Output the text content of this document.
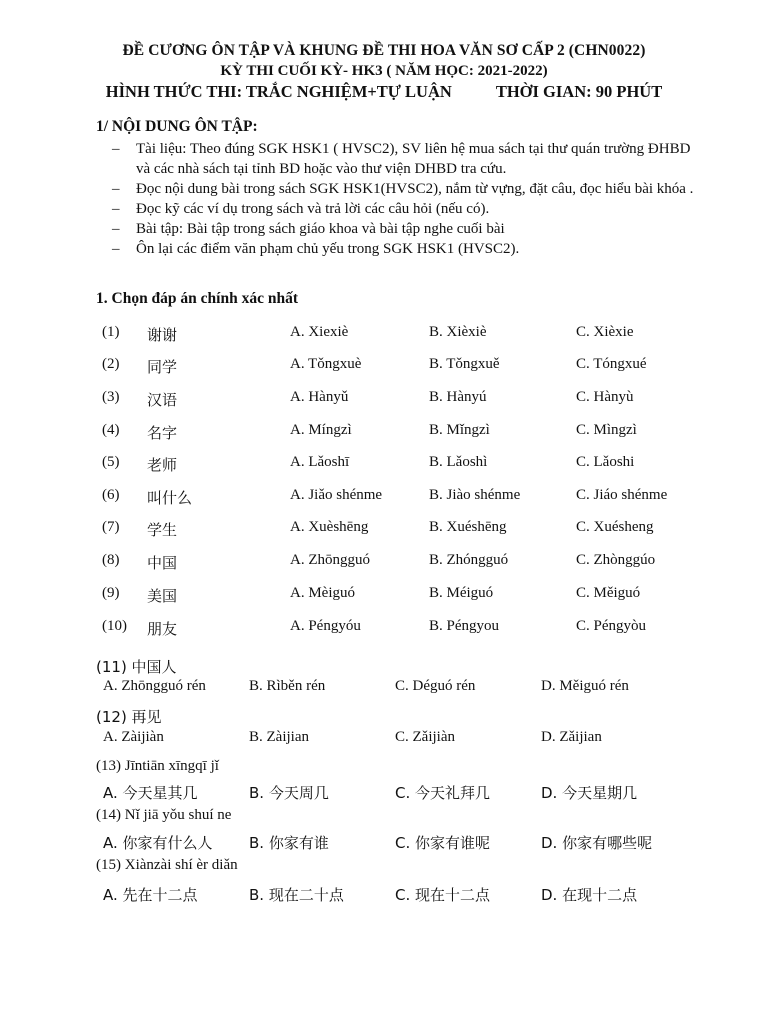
ĐỀ CƯƠNG ÔN TẬP VÀ KHUNG ĐỀ THI HOA VĂN SƠ CẤP 2 (CHN0022)
KỲ THI CUỐI KỲ- HK3 ( NĂM HỌC: 2021-2022)
HÌNH THỨC THI: TRẮC NGHIỆM+TỰ LUẬN	THỜI GIAN: 90 PHÚT
1/ NỘI DUNG ÔN TẬP:
– Tài liệu: Theo đúng SGK HSK1 ( HVSC2), SV liên hệ mua sách tại thư quán trường ĐHBD và các nhà sách tại tỉnh BD hoặc vào thư viện DHBD tra cứu.
– Đọc nội dung bài trong sách SGK HSK1(HVSC2), nắm từ vựng, đặt câu, đọc hiểu bài khóa .
– Đọc kỹ các ví dụ trong sách và trả lời các câu hỏi (nếu có).
– Bài tập: Bài tập trong sách giáo khoa và bài tập nghe cuối bài
– Ôn lại các điểm văn phạm chủ yếu trong SGK HSK1 (HVSC2).
1. Chọn đáp án chính xác nhất
(1) 谢谢	A. Xiexiè	B. Xièxiè	C. Xièxie
(2) 同学	A. Tǒngxuè	B. Tǒngxuě	C. Tóngxué
(3) 汉语	A. Hànyǔ	B. Hànyú	C. Hànyù
(4) 名字	A. Míngzì	B. Mǐngzì	C. Mìngzì
(5) 老师	A. Lǎoshī	B. Lǎoshì	C. Lǎoshi
(6) 叫什么	A. Jiǎo shénme	B. Jiào shénme	C. Jiáo shénme
(7) 学生	A. Xuèshēng	B. Xuéshēng	C. Xuésheng
(8) 中国	A. Zhōngguó	B. Zhóngguó	C. Zhònggúo
(9) 美国	A. Mèiguó	B. Méiguó	C. Měiguó
(10) 朋友	A. Péngyóu	B. Péngyou	C. Péngyòu
(11) 中国人
A. Zhōngguó rén	B. Rìběn rén	C. Déguó rén	D. Měiguó rén
(12) 再见
A. Zàijiàn	B. Zàijian	C. Zǎijiàn	D. Zǎijian
(13) Jīntiān xīngqī jǐ
A. 今天星其几	B. 今天周几	C. 今天礼拜几	D. 今天星期几
(14) Nǐ jiā yǒu shuí ne
A. 你家有什么人 B. 你家有谁	C. 你家有谁呢	D. 你家有哪些呢
(15) Xiànzài shí èr diǎn
A. 先在十二点	B. 现在二十点	C. 现在十二点	D. 在现十二点
